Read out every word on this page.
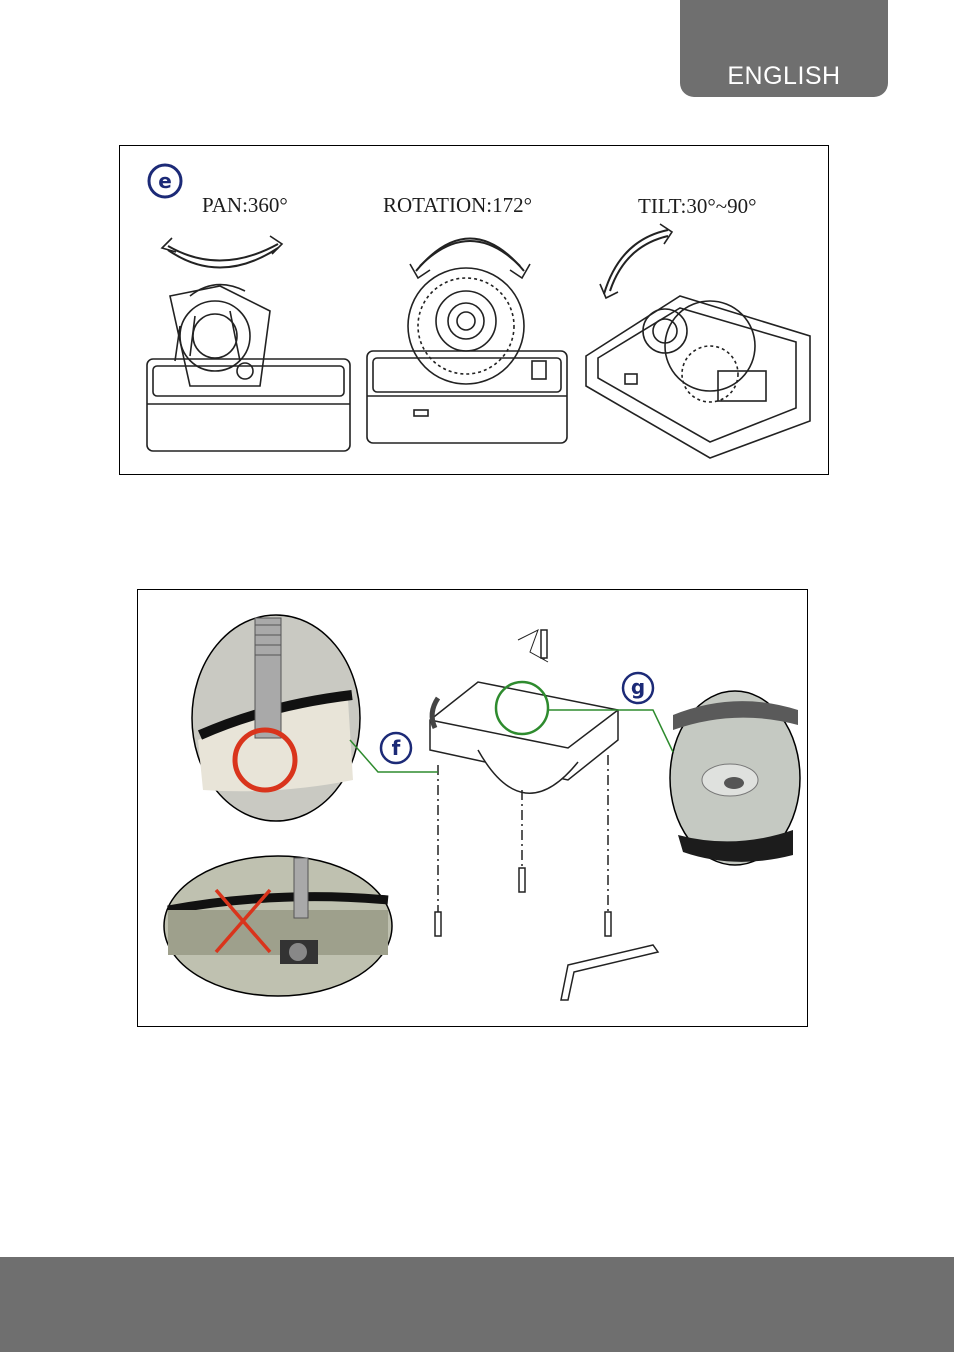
ENGLISH
e
PAN:360°	ROTATION:172°	TILT:30°~90°
f
g
